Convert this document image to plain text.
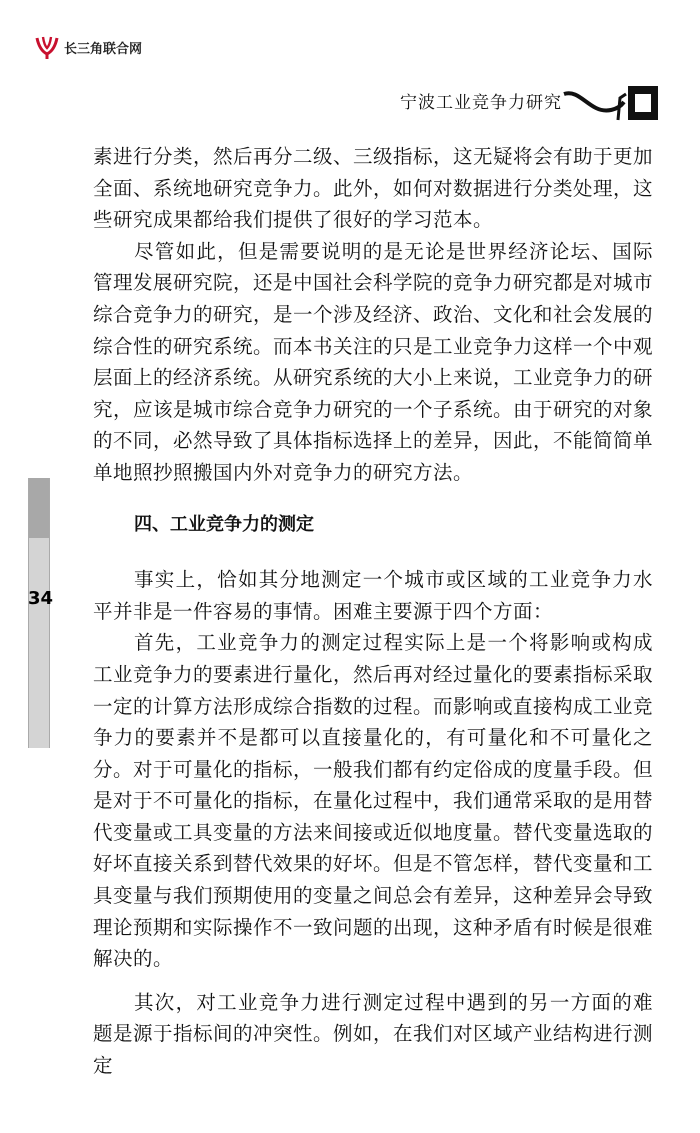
长三角联合网
宁波工业竞争力研究
34

素进行分类，然后再分二级、三级指标，这无疑将会有助于更加全面、系统地研究竞争力。此外，如何对数据进行分类处理，这些研究成果都给我们提供了很好的学习范本。

尽管如此，但是需要说明的是无论是世界经济论坛、国际管理发展研究院，还是中国社会科学院的竞争力研究都是对城市综合竞争力的研究，是一个涉及经济、政治、文化和社会发展的综合性的研究系统。而本书关注的只是工业竞争力这样一个中观层面上的经济系统。从研究系统的大小上来说，工业竞争力的研究，应该是城市综合竞争力研究的一个子系统。由于研究的对象的不同，必然导致了具体指标选择上的差异，因此，不能简简单单地照抄照搬国内外对竞争力的研究方法。

四、工业竞争力的测定

事实上，恰如其分地测定一个城市或区域的工业竞争力水平并非是一件容易的事情。困难主要源于四个方面：

首先，工业竞争力的测定过程实际上是一个将影响或构成工业竞争力的要素进行量化，然后再对经过量化的要素指标采取一定的计算方法形成综合指数的过程。而影响或直接构成工业竞争力的要素并不是都可以直接量化的，有可量化和不可量化之分。对于可量化的指标，一般我们都有约定俗成的度量手段。但是对于不可量化的指标，在量化过程中，我们通常采取的是用替代变量或工具变量的方法来间接或近似地度量。替代变量选取的好坏直接关系到替代效果的好坏。但是不管怎样，替代变量和工具变量与我们预期使用的变量之间总会有差异，这种差异会导致理论预期和实际操作不一致问题的出现，这种矛盾有时候是很难解决的。

其次，对工业竞争力进行测定过程中遇到的另一方面的难题是源于指标间的冲突性。例如，在我们对区域产业结构进行测定
